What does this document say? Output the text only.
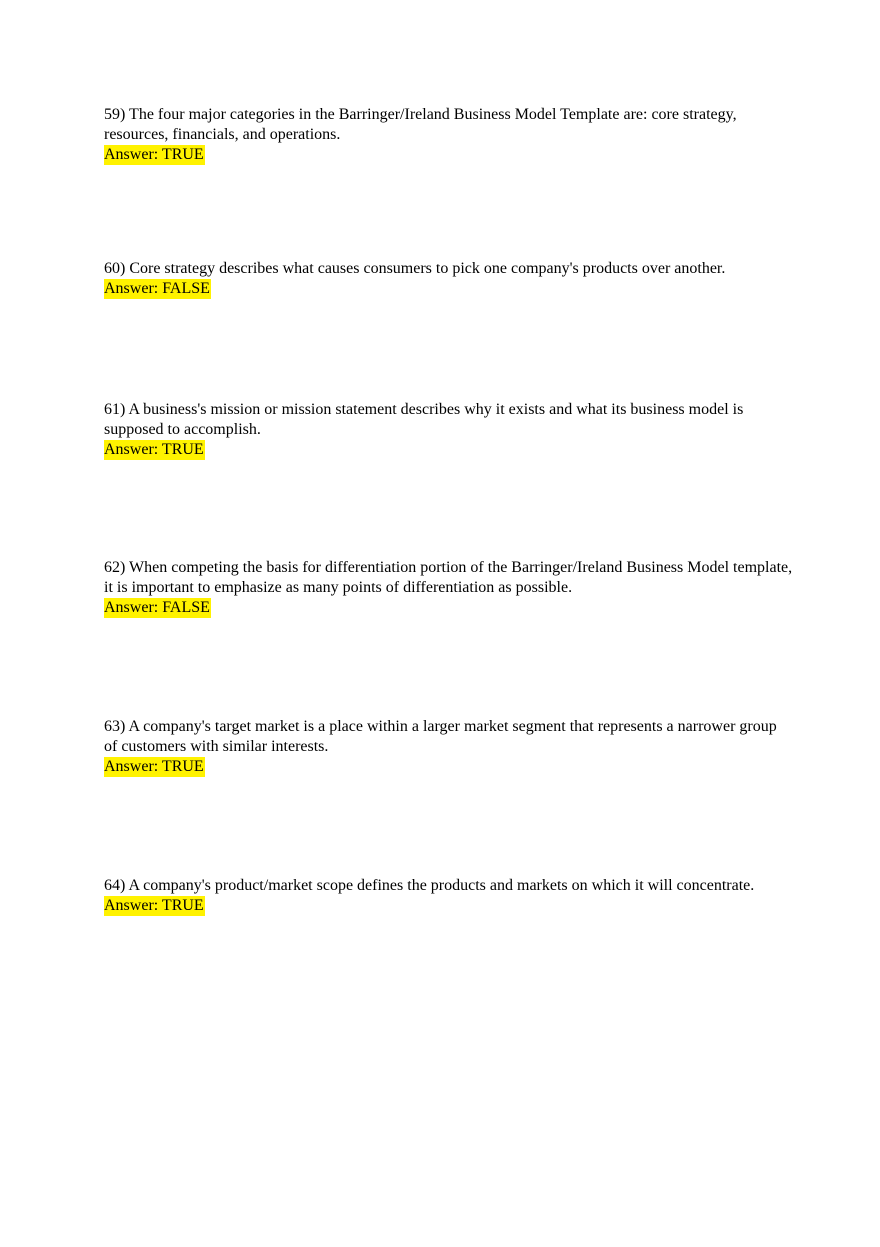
59) The four major categories in the Barringer/Ireland Business Model Template are: core strategy, resources, financials, and operations.

Answer: TRUE

60) Core strategy describes what causes consumers to pick one company's products over another.

Answer: FALSE

61) A business's mission or mission statement describes why it exists and what its business model is supposed to accomplish.

Answer: TRUE

62) When competing the basis for differentiation portion of the Barringer/Ireland Business Model template, it is important to emphasize as many points of differentiation as possible.

Answer: FALSE

63) A company's target market is a place within a larger market segment that represents a narrower group of customers with similar interests.

Answer: TRUE

64) A company's product/market scope defines the products and markets on which it will concentrate.

Answer: TRUE
